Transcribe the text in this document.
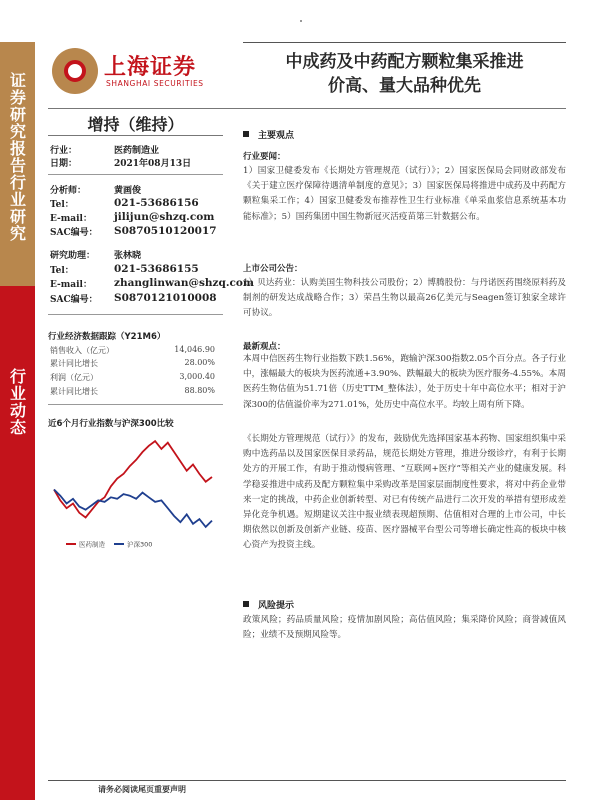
证券研究报告 行业研究
行业动态
上海证券
SHANGHAI SECURITIES
中成药及中药配方颗粒集采推进
价高、量大品种优先
增持（维持）
行业：	医药制造业
日期：	2021年08月13日
分析师：	黄画俊
Tel：	021-53686156
E-mail： jilijun@shzq.com
SAC编号： S0870510120017
研究助理： 张林晓
Tel：	021-53686155
E-mail： zhanglinwan@shzq.com
SAC编号： S0870121010008
行业经济数据跟踪（Y21M6）
销售收入（亿元）	14,046.90
累计同比增长	28.00%
利润（亿元）	3,000.40
累计同比增长	88.80%
近6个月行业指数与沪深300比较
医药制造	沪深300
主要观点
行业要闻：
1）国家卫健委发布《长期处方管理规范（试行）》；2）国家医保局会同财政部发布《关于建立医疗保障待遇清单制度的意见》；3）国家医保局将推进中成药及中药配方颗粒集采工作；4）国家卫健委发布推荐性卫生行业标准《单采血浆信息系统基本功能标准》；5）国药集团中国生物新冠灭活疫苗第三针数据公布。
上市公司公告：
1）贝达药业：认购美国生物科技公司股份；2）博腾股份：与丹诺医药围绕原料药及制剂的研发达成战略合作；3）荣昌生物以最高26亿美元与Seagen签订独家全球许可协议。
最新观点：
本周中信医药生物行业指数下跌1.56%，跑输沪深300指数2.05个百分点。各子行业中，涨幅最大的板块为医药流通+3.90%、跌幅最大的板块为医疗服务-4.55%。本周医药生物估值为51.71倍（历史TTM_整体法），处于历史十年中高位水平；相对于沪深300的估值溢价率为271.01%，处历史中高位水平。均较上周有所下降。
《长期处方管理规范（试行）》的发布，鼓励优先选择国家基本药物、国家组织集中采购中选药品以及国家医保目录药品，规范长期处方管理，推进分级诊疗，有利于长期处方的开展工作，有助于推动慢病管理、“互联网+医疗”等相关产业的健康发展。科学稳妥推进中成药及配方颗粒集中采购改革是国家层面制度性要求，将对中药企业带来一定的挑战，中药企业创新转型、对已有传统产品进行二次开发的举措有望形成差异化竞争机遇。短期建议关注中报业绩表现超预期、估值相对合理的上市公司，中长期依然以创新及创新产业链、疫苗、医疗器械平台型公司等增长确定性高的板块中核心资产为投资主线。
风险提示
政策风险；药品质量风险；疫情加剧风险；高估值风险；集采降价风险；商誉减值风险；业绩不及预期风险等。
请务必阅读尾页重要声明
